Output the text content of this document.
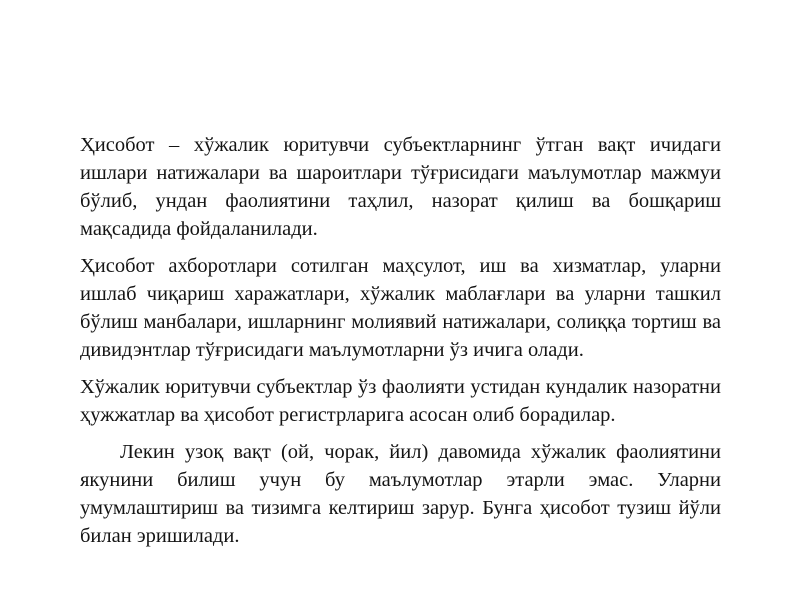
Ҳисобот – хўжалик юритувчи субъектларнинг ўтган вақт ичидаги ишлари натижалари ва шароитлари тўғрисидаги маълумотлар мажмуи бўлиб, ундан фаолиятини таҳлил, назорат қилиш ва бошқариш мақсадида фойдаланилади.

Ҳисобот ахборотлари сотилган маҳсулот, иш ва хизматлар, уларни ишлаб чиқариш харажатлари, хўжалик маблағлари ва уларни ташкил бўлиш манбалари, ишларнинг молиявий натижалари, солиққа тортиш ва дивидэнтлар тўғрисидаги маълумотларни ўз ичига олади.

Хўжалик юритувчи субъектлар ўз фаолияти устидан кундалик назоратни ҳужжатлар ва ҳисобот регистрларига асосан олиб борадилар.

Лекин узоқ вақт (ой, чорак, йил) давомида хўжалик фаолиятини якунини билиш учун бу маълумотлар этарли эмас. Уларни умумлаштириш ва тизимга келтириш зарур. Бунга ҳисобот тузиш йўли билан эришилади.
